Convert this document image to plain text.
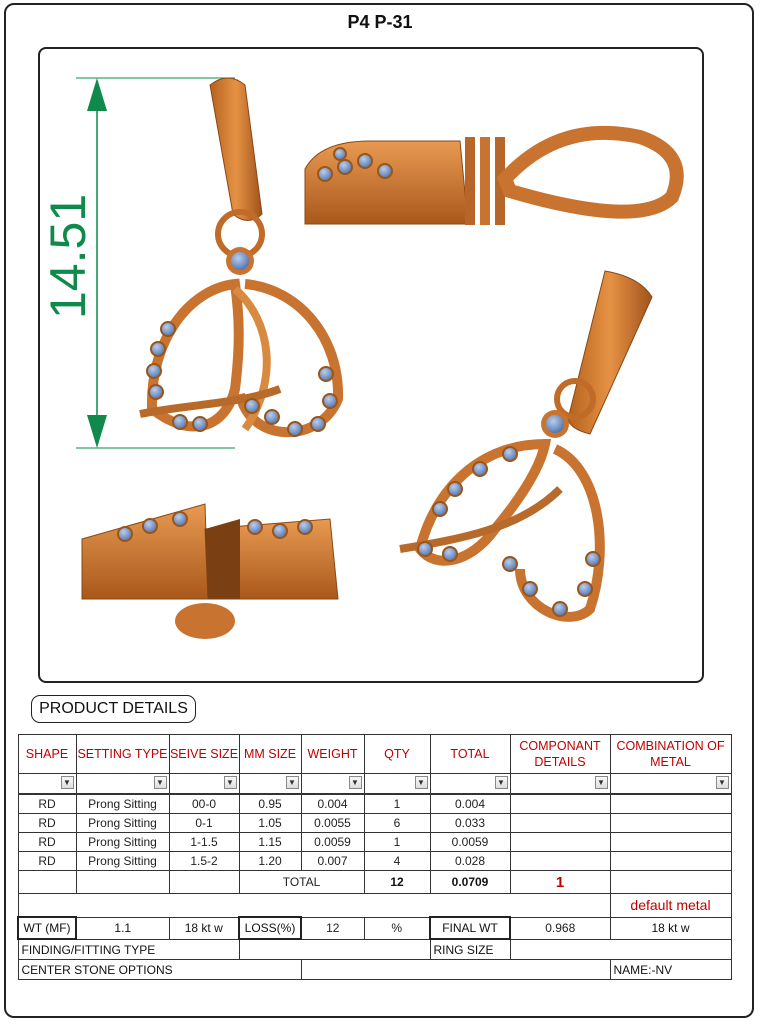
P4 P-31
14.51
PRODUCT DETAILS
SHAPE	SETTING TYPE	SEIVE SIZE	MM SIZE	WEIGHT	QTY	TOTAL	COMPONANT DETAILS	COMBINATION OF METAL

▼	▼	▼	▼	▼	▼	▼	▼	▼

RD	Prong Sitting	00-0	0.95	0.004	1	0.004		
RD	Prong Sitting	0-1	1.05	0.0055	6	0.033		
RD	Prong Sitting	1-1.5	1.15	0.0059	1	0.0059		
RD	Prong Sitting	1.5-2	1.20	0.007	4	0.028		
			TOTAL		12	0.0709	1	
								default metal
WT (MF)	1.1	18 kt w	LOSS(%)	12	%	FINAL WT	0.968	18 kt w
FINDING/FITTING TYPE						RING SIZE		
CENTER STONE OPTIONS								NAME:-NV
